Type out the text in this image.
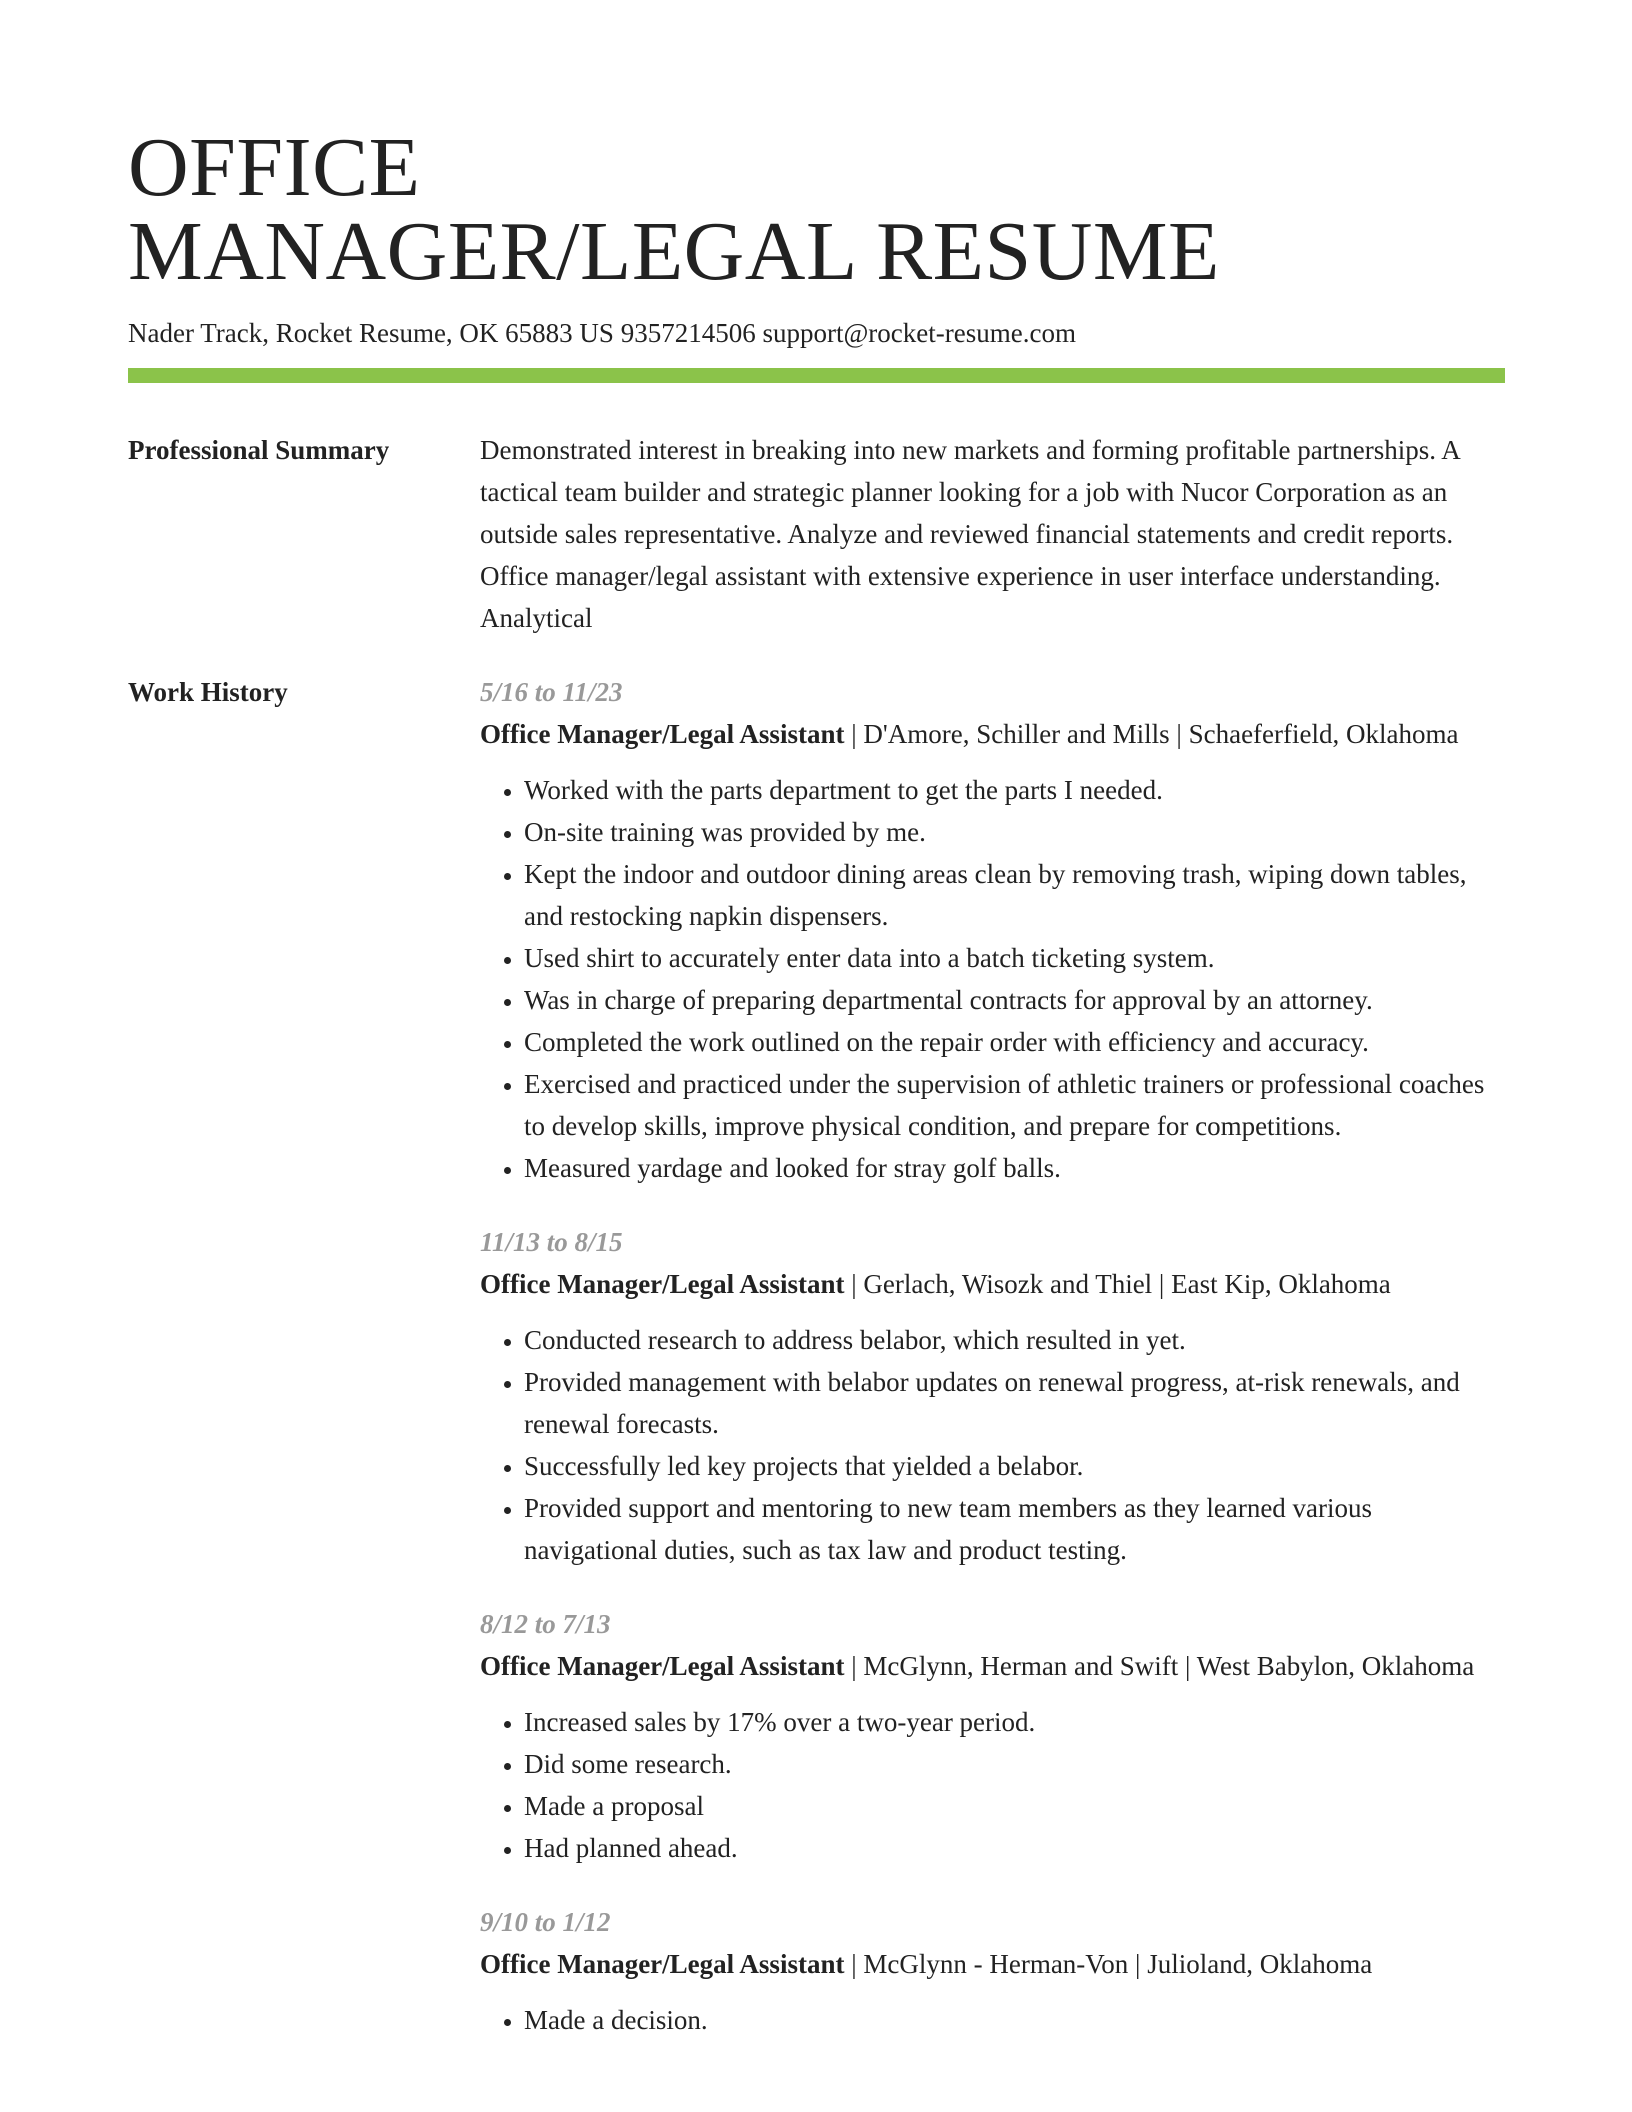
OFFICE
MANAGER/LEGAL RESUME
Nader Track, Rocket Resume, OK 65883 US 9357214506 support@rocket-resume.com
Professional Summary	Demonstrated interest in breaking into new markets and forming profitable partnerships. A tactical team builder and strategic planner looking for a job with Nucor Corporation as an outside sales representative. Analyze and reviewed financial statements and credit reports. Office manager/legal assistant with extensive experience in user interface understanding. Analytical
Work History	5/16 to 11/23
Office Manager/Legal Assistant | D'Amore, Schiller and Mills | Schaeferfield, Oklahoma
• Worked with the parts department to get the parts I needed.
• On-site training was provided by me.
• Kept the indoor and outdoor dining areas clean by removing trash, wiping down tables, and restocking napkin dispensers.
• Used shirt to accurately enter data into a batch ticketing system.
• Was in charge of preparing departmental contracts for approval by an attorney.
• Completed the work outlined on the repair order with efficiency and accuracy.
• Exercised and practiced under the supervision of athletic trainers or professional coaches to develop skills, improve physical condition, and prepare for competitions.
• Measured yardage and looked for stray golf balls.
11/13 to 8/15
Office Manager/Legal Assistant | Gerlach, Wisozk and Thiel | East Kip, Oklahoma
• Conducted research to address belabor, which resulted in yet.
• Provided management with belabor updates on renewal progress, at-risk renewals, and renewal forecasts.
• Successfully led key projects that yielded a belabor.
• Provided support and mentoring to new team members as they learned various navigational duties, such as tax law and product testing.
8/12 to 7/13
Office Manager/Legal Assistant | McGlynn, Herman and Swift | West Babylon, Oklahoma
• Increased sales by 17% over a two-year period.
• Did some research.
• Made a proposal
• Had planned ahead.
9/10 to 1/12
Office Manager/Legal Assistant | McGlynn - Herman-Von | Julioland, Oklahoma
• Made a decision.
